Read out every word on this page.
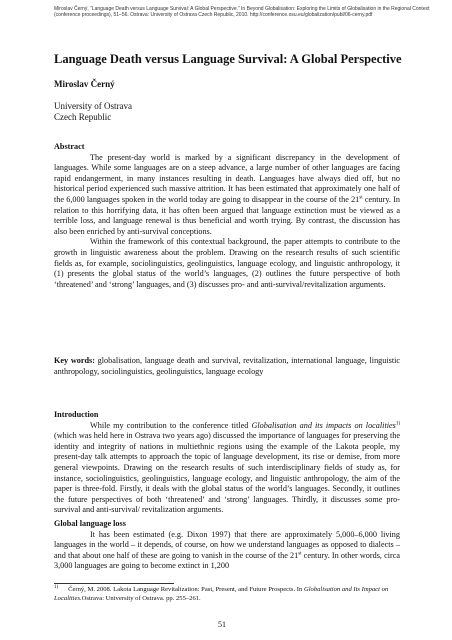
Miroslav Černý, “Language Death versus Language Survival: A Global Perspective.” In Beyond Globalisation: Exploring the Limits of Globalisation in the Regional Context (conference proceedings), 51–56. Ostrava: University of Ostrava Czech Republic, 2010. http://conference.osu.eu/globalization/publ/06-cerny.pdf
Language Death versus Language Survival: A Global Perspective
Miroslav Černý
University of Ostrava
Czech Republic
Abstract

The present-day world is marked by a significant discrepancy in the development of languages. While some languages are on a steep advance, a large number of other languages are facing rapid endangerment, in many instances resulting in death. Languages have always died off, but no historical period experienced such massive attrition. It has been estimated that approximately one half of the 6,000 languages spoken in the world today are going to disappear in the course of the 21st century. In relation to this horrifying data, it has often been argued that language extinction must be viewed as a terrible loss, and language renewal is thus beneficial and worth trying. By contrast, the discussion has also been enriched by anti-survival conceptions.

Within the framework of this contextual background, the paper attempts to contribute to the growth in linguistic awareness about the problem. Drawing on the research results of such scientific fields as, for example, sociolinguistics, geolinguistics, language ecology, and linguistic anthropology, it (1) presents the global status of the world’s languages, (2) outlines the future perspective of both ‘threatened’ and ‘strong’ languages, and (3) discusses pro- and anti-survival/revitalization arguments.

Key words: globalisation, language death and survival, revitalization, international language, linguistic anthropology, sociolinguistics, geolinguistics, language ecology

Introduction

While my contribution to the conference titled Globalisation and its impacts on localities$^{1)}$ (which was held here in Ostrava two years ago) discussed the importance of languages for preserving the identity and integrity of nations in multiethnic regions using the example of the Lakota people, my present-day talk attempts to approach the topic of language development, its rise or demise, from more general viewpoints. Drawing on the research results of such interdisciplinary fields of study as, for instance, sociolinguistics, geolinguistics, language ecology, and linguistic anthropology, the aim of the paper is three-fold. Firstly, it deals with the global status of the world’s languages. Secondly, it outlines the future perspectives of both ‘threatened’ and ‘strong’ languages. Thirdly, it discusses some pro-survival and anti-survival/ revitalization arguments.

Global language loss

It has been estimated (e.g. Dixon 1997) that there are approximately 5,000–6,000 living languages in the world – it depends, of course, on how we understand languages as opposed to dialects – and that about one half of these are going to vanish in the course of the 21st century. In other words, circa 3,000 languages are going to become extinct in 1,200

$^{1)}$ Černý, M. 2008. Lakota Language Revitalization: Past, Present, and Future Prospects. In Globalisation and Its Impact on Localities.Ostrava: University of Ostrava. pp. 255–261.
51
